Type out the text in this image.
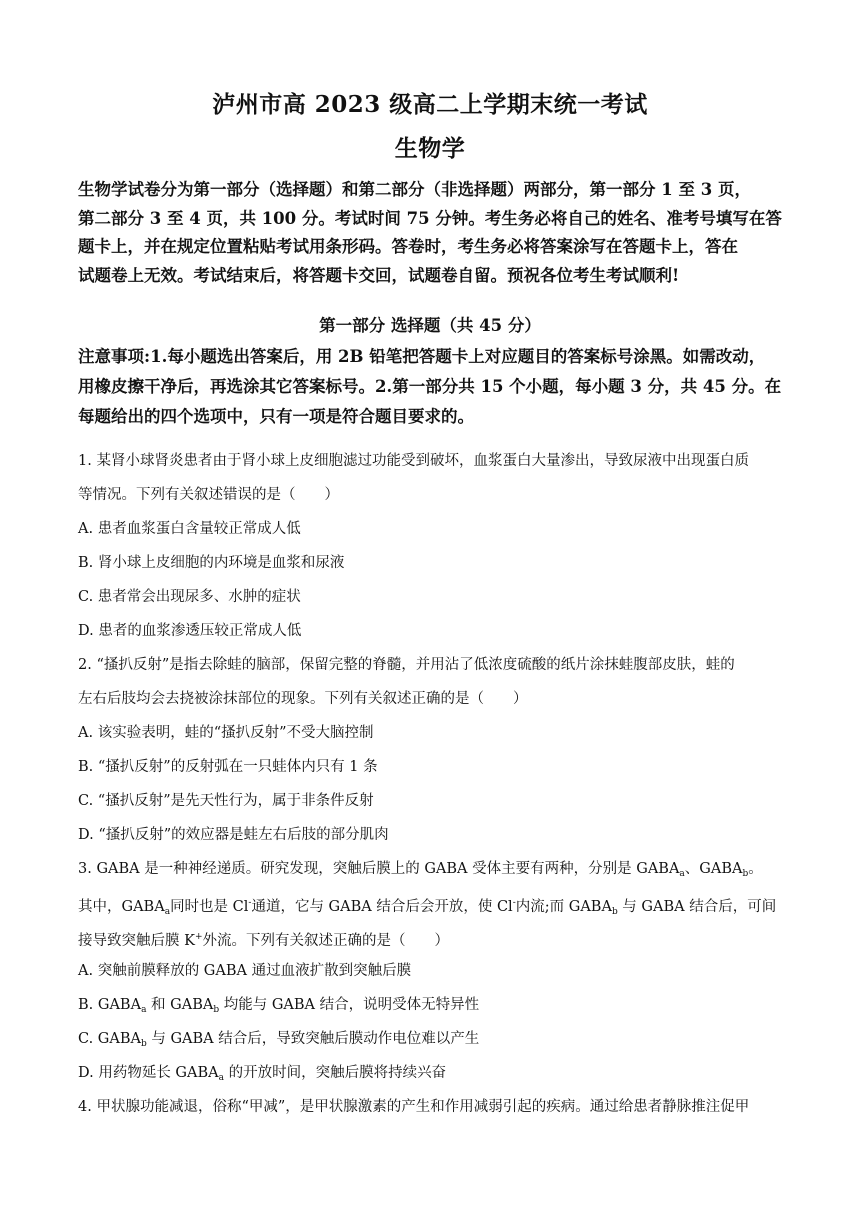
泸州市高 2023 级高二上学期末统一考试
生物学
生物学试卷分为第一部分（选择题）和第二部分（非选择题）两部分，第一部分 1 至 3 页，
第二部分 3 至 4 页，共 100 分。考试时间 75 分钟。考生务必将自己的姓名、准考号填写在答
题卡上，并在规定位置粘贴考试用条形码。答卷时，考生务必将答案涂写在答题卡上，答在
试题卷上无效。考试结束后，将答题卡交回，试题卷自留。预祝各位考生考试顺利!
第一部分 选择题（共 45 分）
注意事项:1.每小题选出答案后，用 2B 铅笔把答题卡上对应题目的答案标号涂黑。如需改动，
用橡皮擦干净后，再选涂其它答案标号。2.第一部分共 15 个小题，每小题 3 分，共 45 分。在
每题给出的四个选项中，只有一项是符合题目要求的。
1. 某肾小球肾炎患者由于肾小球上皮细胞滤过功能受到破坏，血浆蛋白大量渗出，导致尿液中出现蛋白质
等情况。下列有关叙述错误的是（　　）
A. 患者血浆蛋白含量较正常成人低
B. 肾小球上皮细胞的内环境是血浆和尿液
C. 患者常会出现尿多、水肿的症状
D. 患者的血浆渗透压较正常成人低
2. “搔扒反射”是指去除蛙的脑部，保留完整的脊髓，并用沾了低浓度硫酸的纸片涂抹蛙腹部皮肤，蛙的
左右后肢均会去挠被涂抹部位的现象。下列有关叙述正确的是（　　）
A. 该实验表明，蛙的“搔扒反射”不受大脑控制
B. “搔扒反射”的反射弧在一只蛙体内只有 1 条
C. “搔扒反射”是先天性行为，属于非条件反射
D. “搔扒反射”的效应器是蛙左右后肢的部分肌肉
3. GABA 是一种神经递质。研究发现，突触后膜上的 GABA 受体主要有两种，分别是 $GABA_a$、$GABA_b$。
其中，$GABA_a$同时也是 Cl-通道，它与 GABA 结合后会开放，使 Cl-内流;而 $GABA_b$ 与 GABA 结合后，可间
接导致突触后膜 K+外流。下列有关叙述正确的是（　　）
A. 突触前膜释放的 GABA 通过血液扩散到突触后膜
B. $GABA_a$ 和 $GABA_b$ 均能与 GABA 结合，说明受体无特异性
C. $GABA_b$ 与 GABA 结合后，导致突触后膜动作电位难以产生
D. 用药物延长 $GABA_a$ 的开放时间，突触后膜将持续兴奋
4. 甲状腺功能减退，俗称“甲减”，是甲状腺激素的产生和作用减弱引起的疾病。通过给患者静脉推注促甲
